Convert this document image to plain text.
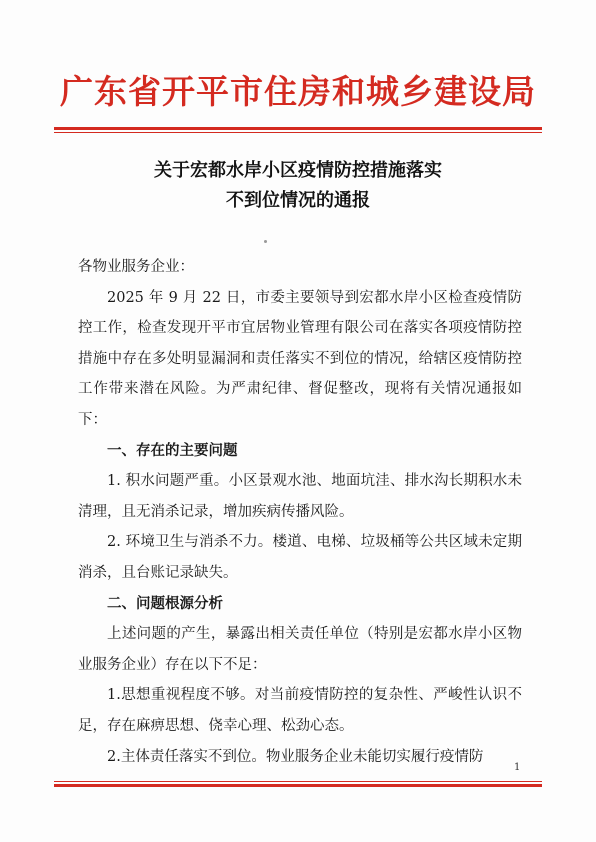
广东省开平市住房和城乡建设局
关于宏都水岸小区疫情防控措施落实
不到位情况的通报

各物业服务企业：

2025 年 9 月 22 日，市委主要领导到宏都水岸小区检查疫情防控工作，检查发现开平市宜居物业管理有限公司在落实各项疫情防控措施中存在多处明显漏洞和责任落实不到位的情况，给辖区疫情防控工作带来潜在风险。为严肃纪律、督促整改，现将有关情况通报如下：

一、存在的主要问题

1. 积水问题严重。小区景观水池、地面坑洼、排水沟长期积水未清理，且无消杀记录，增加疾病传播风险。

2. 环境卫生与消杀不力。楼道、电梯、垃圾桶等公共区域未定期消杀，且台账记录缺失。

二、问题根源分析

上述问题的产生，暴露出相关责任单位（特别是宏都水岸小区物业服务企业）存在以下不足：

1.思想重视程度不够。对当前疫情防控的复杂性、严峻性认识不足，存在麻痹思想、侥幸心理、松劲心态。

2.主体责任落实不到位。物业服务企业未能切实履行疫情防

1
